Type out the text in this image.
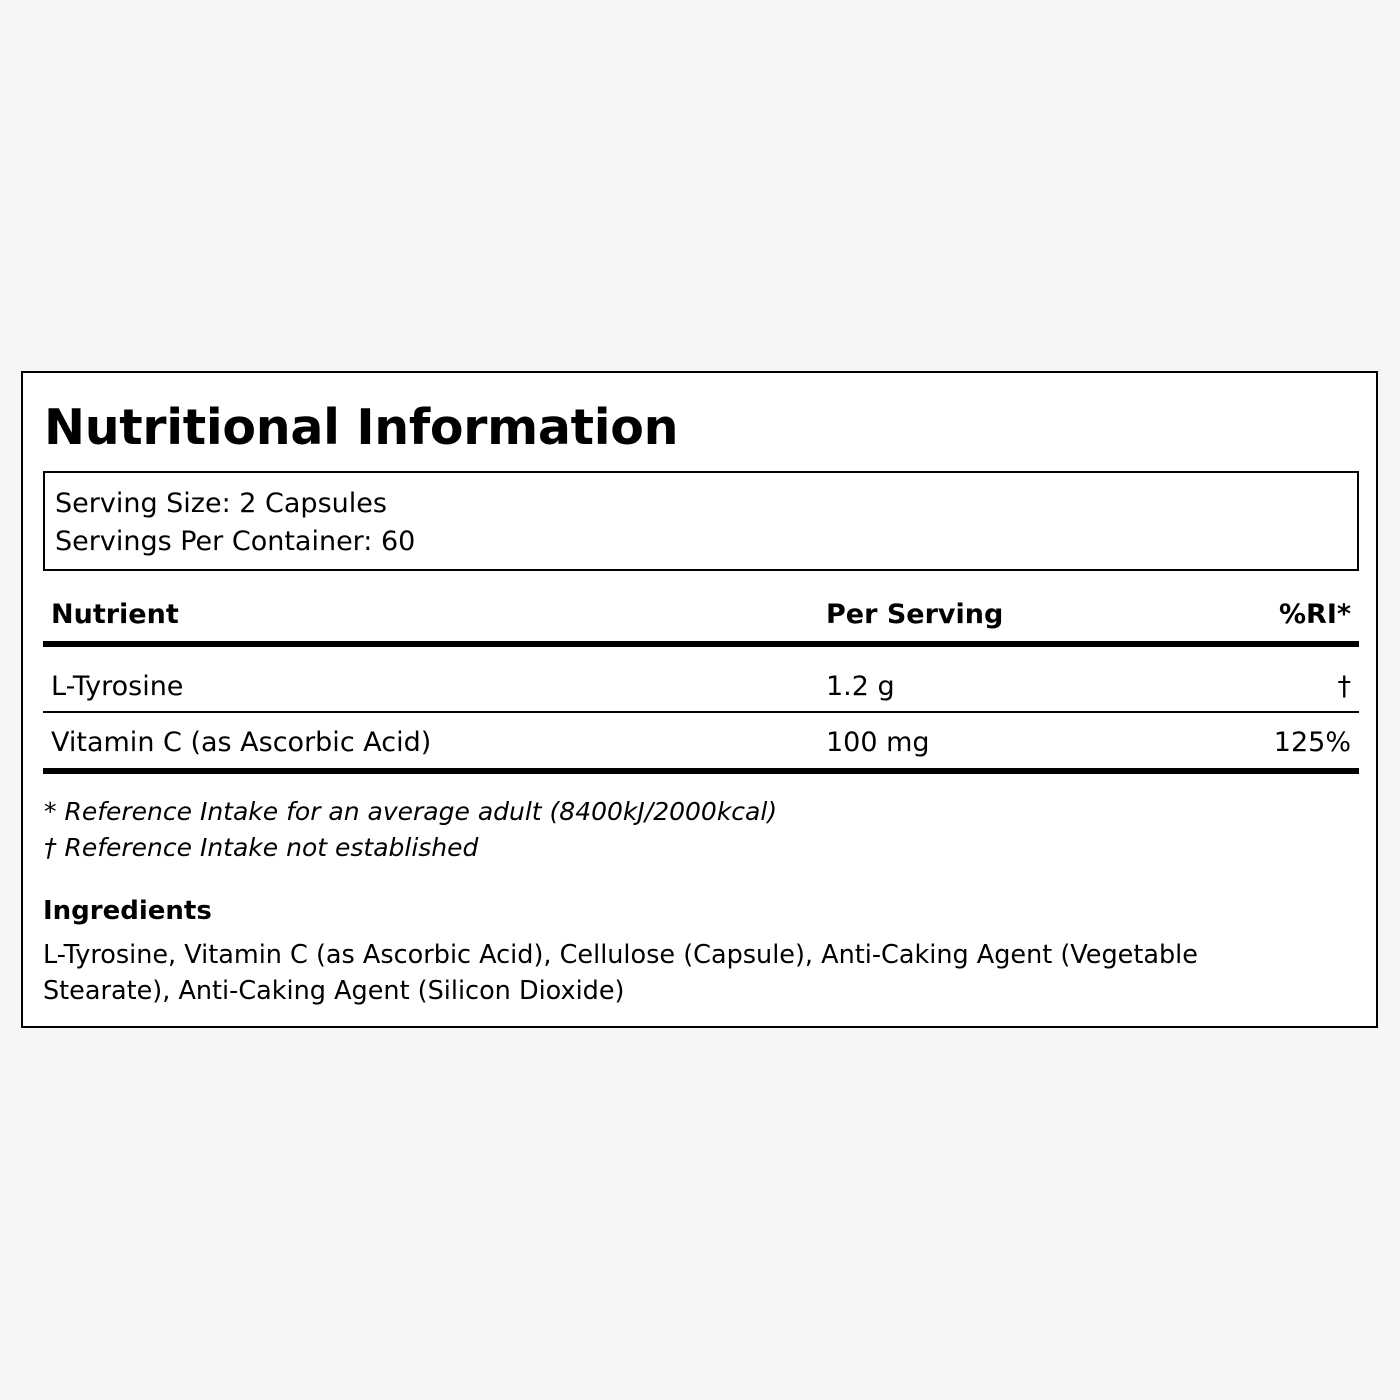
Nutritional Information
Serving Size: 2 Capsules
Servings Per Container: 60
Nutrient	Per Serving	%RI*
L-Tyrosine	1.2 g	†
Vitamin C (as Ascorbic Acid)	100 mg	125%
* Reference Intake for an average adult (8400kJ/2000kcal)
† Reference Intake not established
Ingredients
L-Tyrosine, Vitamin C (as Ascorbic Acid), Cellulose (Capsule), Anti-Caking Agent (Vegetable Stearate), Anti-Caking Agent (Silicon Dioxide)
